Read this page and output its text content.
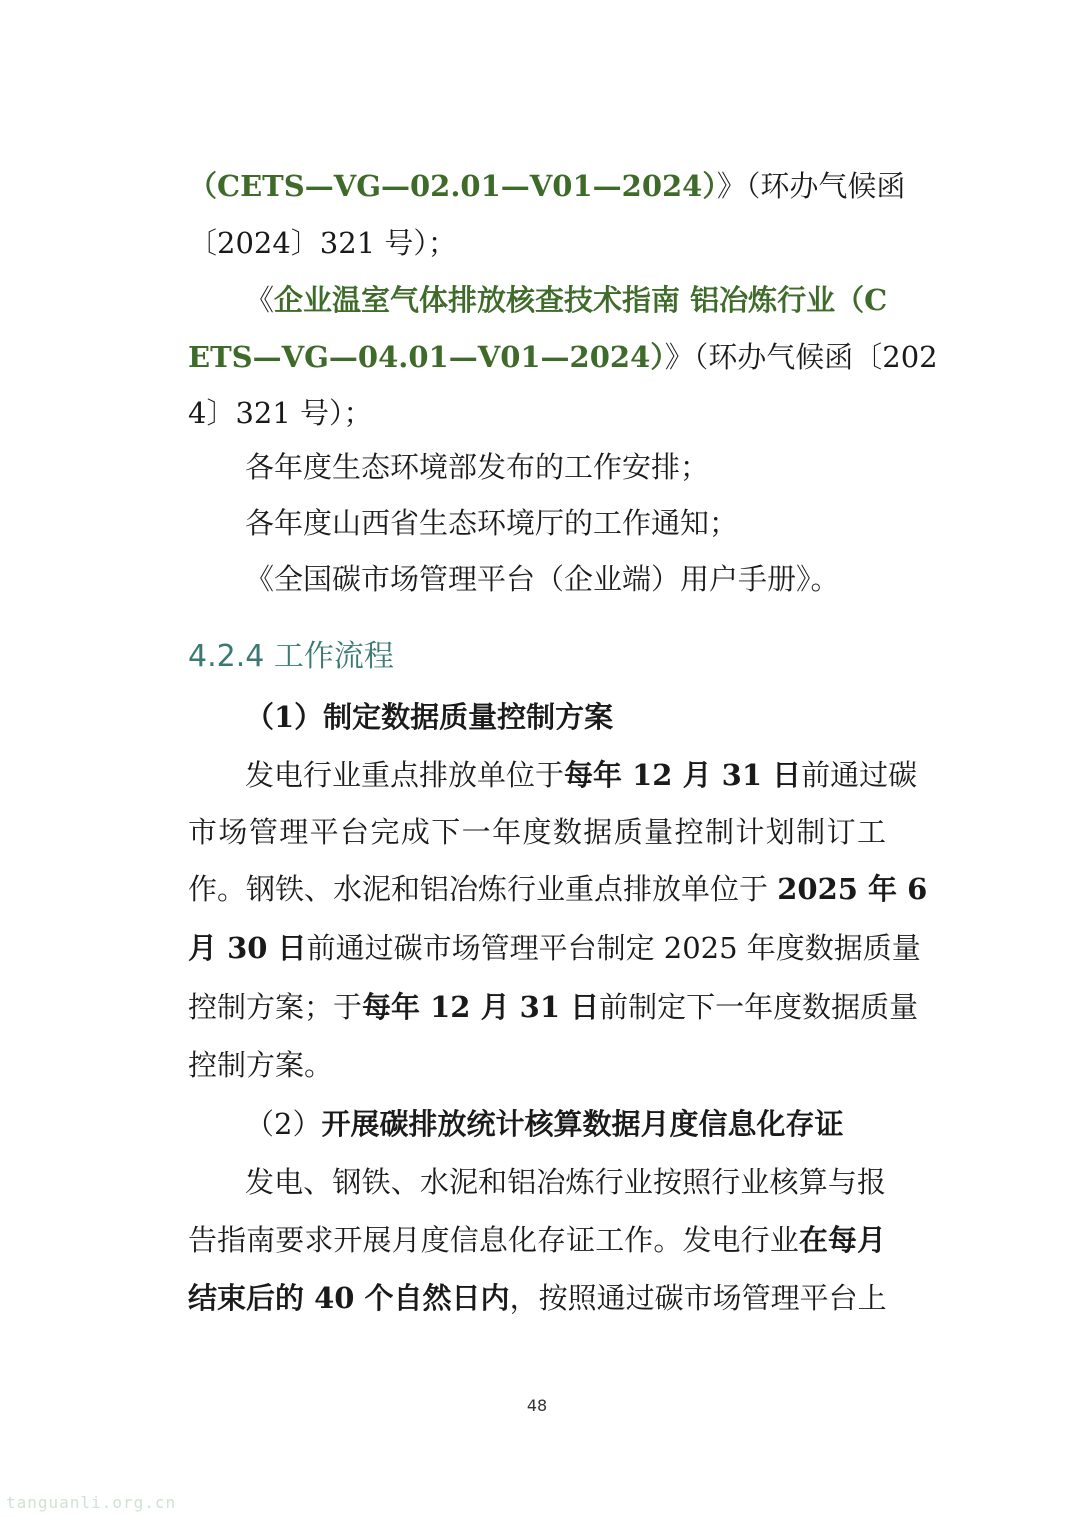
（CETS—VG—02.01—V01—2024）》（环办气候函
〔2024〕321 号）；
《企业温室气体排放核查技术指南 铝冶炼行业（C
ETS—VG—04.01—V01—2024）》（环办气候函〔202
4〕321 号）；
各年度生态环境部发布的工作安排；
各年度山西省生态环境厅的工作通知；
《全国碳市场管理平台（企业端）用户手册》。
4.2.4 工作流程
（1）制定数据质量控制方案
发电行业重点排放单位于每年 12 月 31 日前通过碳
市场管理平台完成下一年度数据质量控制计划制订工
作。钢铁、水泥和铝冶炼行业重点排放单位于 2025 年 6
月 30 日前通过碳市场管理平台制定 2025 年度数据质量
控制方案；于每年 12 月 31 日前制定下一年度数据质量
控制方案。
（2）开展碳排放统计核算数据月度信息化存证
发电、钢铁、水泥和铝冶炼行业按照行业核算与报
告指南要求开展月度信息化存证工作。发电行业在每月
结束后的 40 个自然日内，按照通过碳市场管理平台上
48
tanguanli.org.cn
